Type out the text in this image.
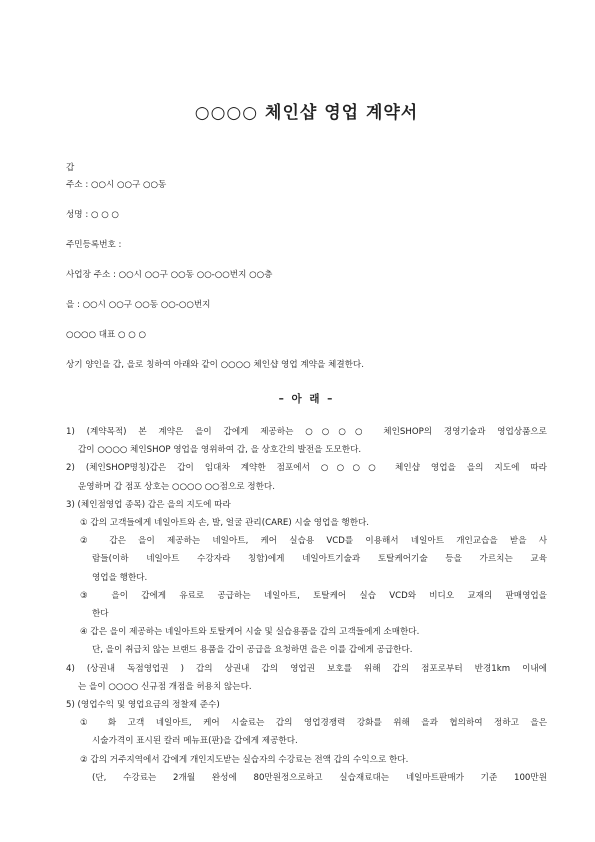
○○○○ 체인샵 영업 계약서

갑

주소 : ○○시 ○○구 ○○동

성명 : ○ ○ ○

주민등록번호 :

사업장 주소 : ○○시 ○○구 ○○동 ○○-○○번지 ○○층

을 : ○○시 ○○구 ○○동 ○○-○○번지

○○○○ 대표 ○ ○ ○

상기 양인을 갑, 을로 칭하여 아래와 같이 ○○○○ 체인샵 영업 계약을 체결한다.

– 아 래 –

1) (계약목적) 본 계약은 을이 갑에게 제공하는 ○○○○ 체인SHOP의 경영기술과 영업상품으로

갑이 ○○○○ 체인SHOP 영업을 영위하여 갑, 을 상호간의 발전을 도모한다.

2) (체인SHOP명칭)갑은 갑이 임대차 계약한 점포에서 ○○○○ 체인샵 영업을 을의 지도에 따라

운영하며 갑 점포 상호는 ○○○○ ○○점으로 정한다.

3) (체인점영업 종목) 갑은 을의 지도에 따라

① 갑의 고객들에게 네일아트와 손, 발, 얼굴 관리(CARE) 시술 영업을 행한다.

② 갑은 을이 제공하는 네일아트, 케어 실습용 VCD를 이용해서 네일아트 개인교습을 받을 사

람들(이하 네일아트 수강자라 칭함)에게 네일아트기술과 토탈케어기술 등을 가르치는 교육

영업을 행한다.

③ 을이 갑에게 유료로 공급하는 네일아트, 토탈케어 실습 VCD와 비디오 교재의 판매영업을

한다

④ 갑은 을이 제공하는 네일아트와 토탈케어 시술 및 실습용품을 갑의 고객들에게 소매한다.

단, 을이 취급치 않는 브랜드 용품을 갑이 공급을 요청하면 을은 이를 갑에게 공급한다.

4) (상권내 독점영업권 ) 갑의 상권내 갑의 영업권 보호를 위해 갑의 점포로부터 반경1km 이내에

는 을이 ○○○○ 신규점 개점을 허용치 않는다.

5) (영업수익 및 영업요금의 정찰제 준수)

① 화 고객 네일아트, 케어 시술료는 갑의 영업경쟁력 강화를 위해 을과 협의하여 정하고 을은

시술가격이 표시된 칼러 메뉴표(판)을 갑에게 제공한다.

② 갑의 거주지역에서 갑에게 개인지도받는 실습자의 수강료는 전액 갑의 수익으로 한다.

(단, 수강료는 2개월 완성에 80만원정으로하고 실습재료대는 네일마트판매가 기준 100만원
